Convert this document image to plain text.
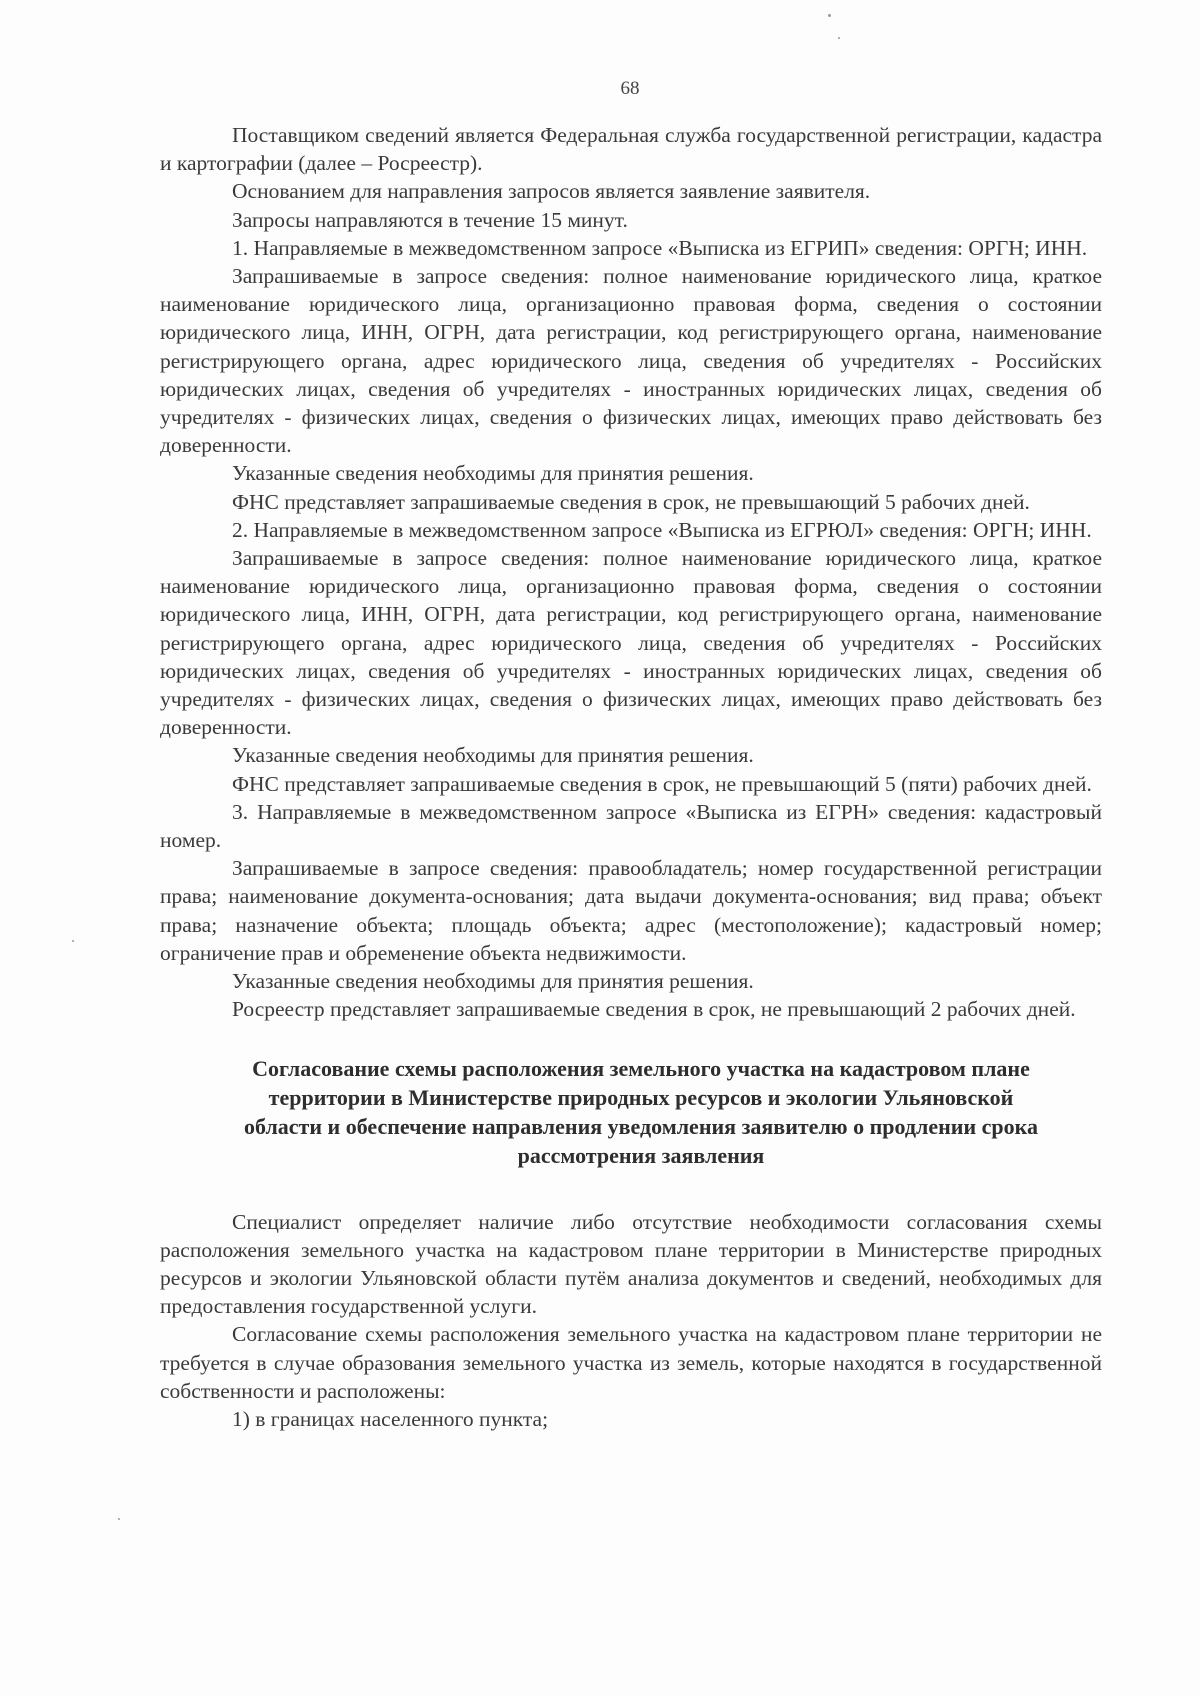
68

Поставщиком сведений является Федеральная служба государственной регистрации, кадастра и картографии (далее – Росреестр).

Основанием для направления запросов является заявление заявителя.

Запросы направляются в течение 15 минут.

1. Направляемые в межведомственном запросе «Выписка из ЕГРИП» сведения: ОРГН; ИНН.

Запрашиваемые в запросе сведения: полное наименование юридического лица, краткое наименование юридического лица, организационно правовая форма, сведения о состоянии юридического лица, ИНН, ОГРН, дата регистрации, код регистрирующего органа, наименование регистрирующего органа, адрес юридического лица, сведения об учредителях - Российских юридических лицах, сведения об учредителях - иностранных юридических лицах, сведения об учредителях - физических лицах, сведения о физических лицах, имеющих право действовать без доверенности.

Указанные сведения необходимы для принятия решения.

ФНС представляет запрашиваемые сведения в срок, не превышающий 5 рабочих дней.

2. Направляемые в межведомственном запросе «Выписка из ЕГРЮЛ» сведения: ОРГН; ИНН.

Запрашиваемые в запросе сведения: полное наименование юридического лица, краткое наименование юридического лица, организационно правовая форма, сведения о состоянии юридического лица, ИНН, ОГРН, дата регистрации, код регистрирующего органа, наименование регистрирующего органа, адрес юридического лица, сведения об учредителях - Российских юридических лицах, сведения об учредителях - иностранных юридических лицах, сведения об учредителях - физических лицах, сведения о физических лицах, имеющих право действовать без доверенности.

Указанные сведения необходимы для принятия решения.

ФНС представляет запрашиваемые сведения в срок, не превышающий 5 (пяти) рабочих дней.

3. Направляемые в межведомственном запросе «Выписка из ЕГРН» сведения: кадастровый номер.

Запрашиваемые в запросе сведения: правообладатель; номер государственной регистрации права; наименование документа-основания; дата выдачи документа-основания; вид права; объект права; назначение объекта; площадь объекта; адрес (местоположение); кадастровый номер; ограничение прав и обременение объекта недвижимости.

Указанные сведения необходимы для принятия решения.

Росреестр представляет запрашиваемые сведения в срок, не превышающий 2 рабочих дней.

Согласование схемы расположения земельного участка на кадастровом плане территории в Министерстве природных ресурсов и экологии Ульяновской области и обеспечение направления уведомления заявителю о продлении срока рассмотрения заявления

Специалист определяет наличие либо отсутствие необходимости согласования схемы расположения земельного участка на кадастровом плане территории в Министерстве природных ресурсов и экологии Ульяновской области путём анализа документов и сведений, необходимых для предоставления государственной услуги.

Согласование схемы расположения земельного участка на кадастровом плане территории не требуется в случае образования земельного участка из земель, которые находятся в государственной собственности и расположены:

1) в границах населенного пункта;
